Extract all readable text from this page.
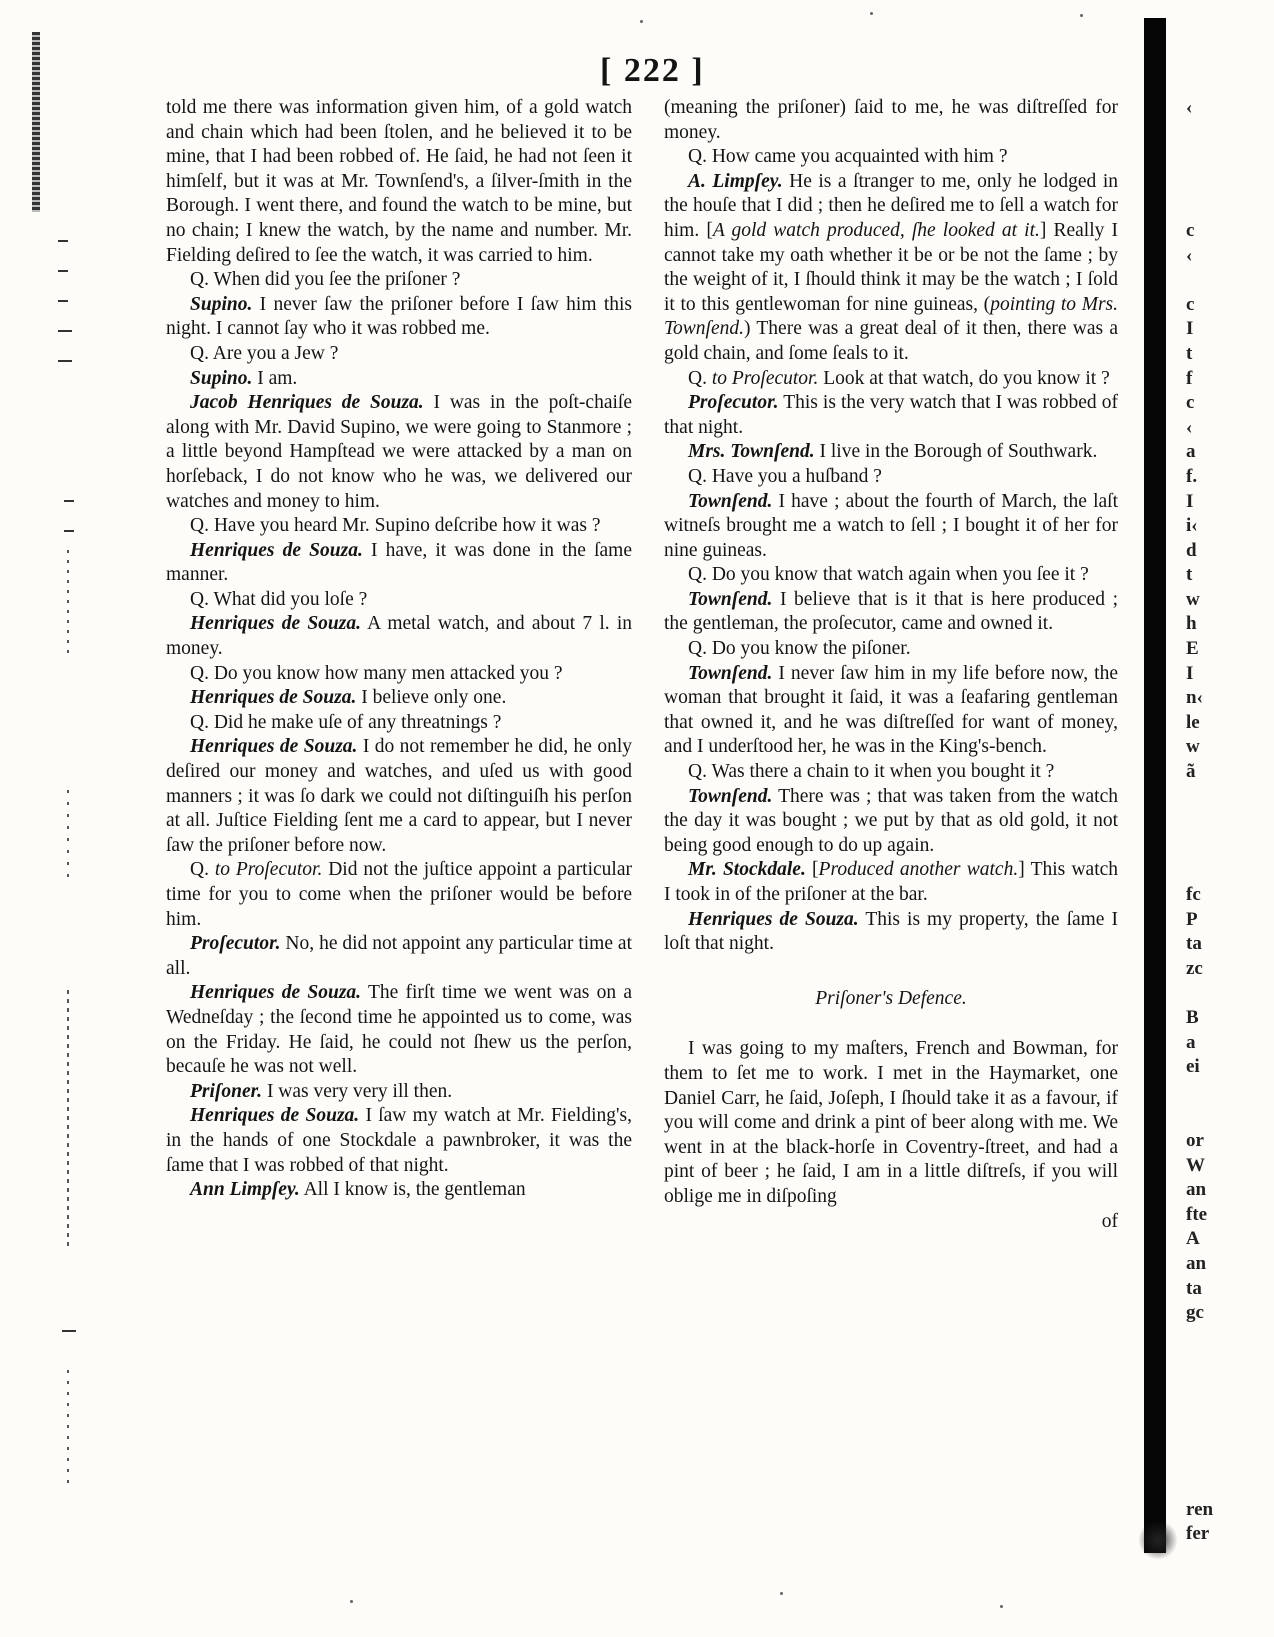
[ 222 ]

told me there was information given him, of a gold watch and chain which had been ſtolen, and he believed it to be mine, that I had been robbed of. He ſaid, he had not ſeen it himſelf, but it was at Mr. Townſend's, a ſilver-ſmith in the Borough. I went there, and found the watch to be mine, but no chain; I knew the watch, by the name and number. Mr. Fielding deſired to ſee the watch, it was carried to him.

Q. When did you ſee the priſoner ?

Supino. I never ſaw the priſoner before I ſaw him this night. I cannot ſay who it was robbed me.

Q. Are you a Jew ?

Supino. I am.

Jacob Henriques de Souza. I was in the poſt-chaiſe along with Mr. David Supino, we were going to Stanmore ; a little beyond Hampſtead we were attacked by a man on horſeback, I do not know who he was, we delivered our watches and money to him.

Q. Have you heard Mr. Supino deſcribe how it was ?

Henriques de Souza. I have, it was done in the ſame manner.

Q. What did you loſe ?

Henriques de Souza. A metal watch, and about 7 l. in money.

Q. Do you know how many men attacked you ?

Henriques de Souza. I believe only one.

Q. Did he make uſe of any threatnings ?

Henriques de Souza. I do not remember he did, he only deſired our money and watches, and uſed us with good manners ; it was ſo dark we could not diſtinguiſh his perſon at all. Juſtice Fielding ſent me a card to appear, but I never ſaw the priſoner before now.

Q. to Proſecutor. Did not the juſtice appoint a particular time for you to come when the priſoner would be before him.

Proſecutor. No, he did not appoint any particular time at all.

Henriques de Souza. The firſt time we went was on a Wedneſday ; the ſecond time he appointed us to come, was on the Friday. He ſaid, he could not ſhew us the perſon, becauſe he was not well.

Priſoner. I was very very ill then.

Henriques de Souza. I ſaw my watch at Mr. Fielding's, in the hands of one Stockdale a pawnbroker, it was the ſame that I was robbed of that night.

Ann Limpſey. All I know is, the gentleman

(meaning the priſoner) ſaid to me, he was diſtreſſed for money.

Q. How came you acquainted with him ?

A. Limpſey. He is a ſtranger to me, only he lodged in the houſe that I did ; then he deſired me to ſell a watch for him. [A gold watch produced, ſhe looked at it.] Really I cannot take my oath whether it be or be not the ſame ; by the weight of it, I ſhould think it may be the watch ; I ſold it to this gentlewoman for nine guineas, (pointing to Mrs. Townſend.) There was a great deal of it then, there was a gold chain, and ſome ſeals to it.

Q. to Proſecutor. Look at that watch, do you know it ?

Proſecutor. This is the very watch that I was robbed of that night.

Mrs. Townſend. I live in the Borough of Southwark.

Q. Have you a huſband ?

Townſend. I have ; about the fourth of March, the laſt witneſs brought me a watch to ſell ; I bought it of her for nine guineas.

Q. Do you know that watch again when you ſee it ?

Townſend. I believe that is it that is here produced ; the gentleman, the proſecutor, came and owned it.

Q. Do you know the piſoner.

Townſend. I never ſaw him in my life before now, the woman that brought it ſaid, it was a ſeafaring gentleman that owned it, and he was diſtreſſed for want of money, and I underſtood her, he was in the King's-bench.

Q. Was there a chain to it when you bought it ?

Townſend. There was ; that was taken from the watch the day it was bought ; we put by that as old gold, it not being good enough to do up again.

Mr. Stockdale. [Produced another watch.] This watch I took in of the priſoner at the bar.

Henriques de Souza. This is my property, the ſame I loſt that night.

Priſoner's Defence.

I was going to my maſters, French and Bowman, for them to ſet me to work. I met in the Haymarket, one Daniel Carr, he ſaid, Joſeph, I ſhould take it as a favour, if you will come and drink a pint of beer along with me. We went in at the black-horſe in Coventry-ſtreet, and had a pint of beer ; he ſaid, I am in a little diſtreſs, if you will oblige me in diſpoſing

of

‹
c
‹
c
I
t
f
c
‹
a
f.
I
i‹
d
t
w
h
E
I
n‹
le
w
ã
fc
P
ta
zc
B
a
ei
or
W
an
fte
A
an
ta
gc
ren
fer
